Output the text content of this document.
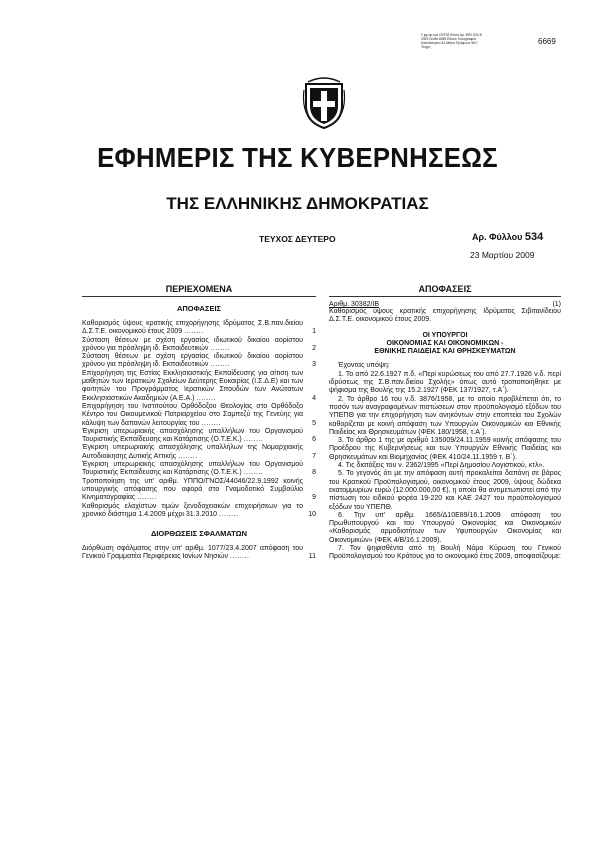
Σ φρ αμ ευσ ΩΥΡΓΑ Φύλλο Αρ. ΦΕΚ 534 Β 2009 Σελίδα 6669 Εθνικό Τυπογραφείο Καποδιστρίου 34 Αθήνα Τηλέφωνο ΦΑΞ Τεύχος
6669
ΕΦΗΜΕΡΙΣ ΤΗΣ ΚΥΒΕΡΝΗΣΕΩΣ
ΤΗΣ ΕΛΛΗΝΙΚΗΣ ΔΗΜΟΚΡΑΤΙΑΣ
ΤΕΥΧΟΣ ΔΕΥΤΕΡΟ	Αρ. Φύλλου 534
23 Μαρτίου 2009
ΠΕΡΙΕΧΟΜΕΝΑ
ΑΠΟΦΑΣΕΙΣ
Καθορισμός ύψους κρατικής επιχορήγησης Ιδρύματος Σ.Β.παν.διείου Δ.Σ.Τ.Ε. οικονομικού έτους 2009 ........	1
Σύσταση θέσεων με σχέση εργασίας ιδιωτικού δικαίου αορίστου χρόνου για πρόσληψη ιδ. Εκπαιδευτικών ........	2
Σύσταση θέσεων με σχέση εργασίας ιδιωτικού δικαίου αορίστου χρόνου για πρόσληψη ιδ. Εκπαιδευτικών ........	3
Επιχορήγηση της Εστίας Εκκλησιαστικής Εκπαίδευσης για σίτιση των μαθητών των Ιερατικών Σχολείων Δεύτερης Ευκαιρίας (Ι.Σ.Δ.Ε) και των φοιτητών του Προγράμματος Ιερατικών Σπουδών των Ανώτατων Εκκλησιαστικών Ακαδημιών (Α.Ε.Α.) ........	4
Επιχορήγηση του Ινστιτούτου Ορθόδοξου Θεολογίας στο Ορθόδοξο Κέντρο του Οικουμενικού Πατριαρχείου στο Σαμπεζύ της Γενεύης για κάλυψη των δαπανών λειτουργίας του ........	5
Έγκριση υπερωριακής απασχόλησης υπαλλήλων του Οργανισμού Τουριστικής Εκπαίδευσης και Κατάρτισης (Ο.Τ.Ε.Κ.) ........	6
Έγκριση υπερωριακής απασχόλησης υπαλλήλων της Νομαρχιακής Αυτοδιοίκησης Δυτικής Αττικής ........	7
Έγκριση υπερωριακής απασχόλησης υπαλλήλων του Οργανισμού Τουριστικής Εκπαίδευσης και Κατάρτισης (Ο.Τ.Ε.Κ.) ........	8
Τροποποίηση της υπ' αριθμ. ΥΠΠΟ/ΓΝΟΣ/44046/22.9.1992 κοινής υπουργικής απόφασης που αφορά στο Γναμοδοτικό Συμβούλιο Κινηματογραφίας ........	9
Καθορισμός ελαχίστων τιμών ξενοδοχειακών επιχειρήσεων για το χρονικό διάστημα 1.4.2009 μέχρι 31.3.2010 ........	10
ΔΙΟΡΘΩΣΕΙΣ ΣΦΑΛΜΑΤΩΝ
Διόρθωση σφάλματος στην υπ' αριθμ. 1077/23.4.2007 απόφαση του Γενικού Γραμματέα Περιφέρειας Ιονίων Νησιών ........	11
ΑΠΟΦΑΣΕΙΣ
Αριθμ. 30382/ΙΒ	(1)
Καθορισμός ύψους κρατικής επιχορήγησης Ιδρύματος Σιβιτανίδειου Δ.Σ.Τ.Ε. οικονομικού έτους 2009.
ΟΙ ΥΠΟΥΡΓΟΙ
ΟΙΚΟΝΟΜΙΑΣ ΚΑΙ ΟΙΚΟΝΟΜΙΚΩΝ -
ΕΘΝΙΚΗΣ ΠΑΙΔΕΙΑΣ ΚΑΙ ΘΡΗΣΚΕΥΜΑΤΩΝ

Έχοντας υπόψη:

1. Το από 22.6.1927 π.δ. «Περί κυρώσεως του από 27.7.1926 ν.δ. περί ιδρύσεως της Σ.Β.παν.διείου Σχολής» όπως αυτό τροποποιήθηκε με ψήφισμα της Βουλής της 15.2.1927 (ΦΕΚ 137/1927, τ.Α΄).

2. Το άρθρο 16 του ν.δ. 3876/1958, με το οποίο προβλέπεται ότι, το ποσόν των αναγραφομένων πιστώσεων στον προϋπολογισμό εξόδων του ΥΠΕΠΘ για την επιχορήγηση των ανηκόντων στην εποπτεία του Σχολών καθορίζεται με κοινή απόφαση των Υπουργών Οικονομικών και Εθνικής Παιδείας και Θρησκευμάτων (ΦΕΚ 180/1958, τ.Α΄).

3. Το άρθρο 1 της με αριθμό 135009/24.11.1959 κοινής απόφασης του Προέδρου της Κυβερνήσεως και των Υπουργών Εθνικής Παιδείας και Θρησκευμάτων και Βιομηχανίας (ΦΕΚ 410/24.11.1959 τ. Β΄).

4. Τις διατάξεις του ν. 2362/1995 «Περί Δημοσίου Λογιστικού, κτλ».

5. Το γεγονός ότι με την απόφαση αυτή προκαλείται δαπάνη σε βάρος του Κρατικού Προϋπολογισμού, οικονομικού έτους 2009, ύψους δώδεκα εκατομμυρίων ευρώ (12.000.000,00 €), η οποία θα αντιμετωπιστεί από την πίστωση του ειδικού φορέα 19-220 και ΚΑΕ 2427 του προϋπολογισμού εξόδων του ΥΠΕΠΘ.

6. Την υπ' αριθμ. 1665/Δ10Ε89/16.1.2009 απόφαση του Πρωθυπουργού και του Υπουργού Οικονομίας και Οικονομικών «Καθορισμός αρμοδιοτήτων των Υφυπουργών Οικονομίας και Οικονομικών» (ΦΕΚ 4/Β/16.1.2009).

7. Τον ψηφισθέντα από τη Βουλή Νόμο Κύρωση του Γενικού Προϋπολογισμού του Κράτους για το οικονομικό έτος 2009, αποφασίζουμε:
